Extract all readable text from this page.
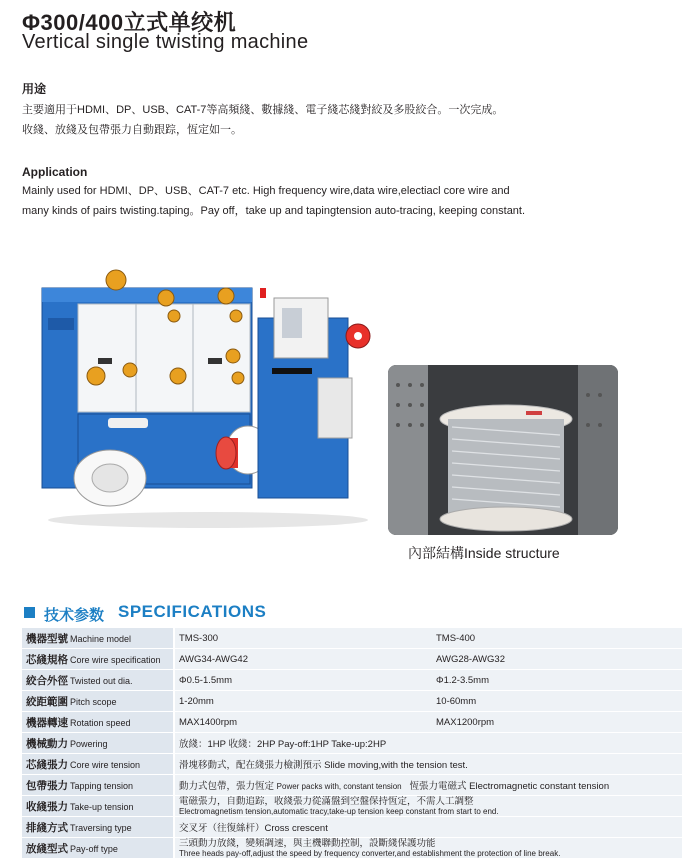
Φ300/400立式单绞机
Vertical single twisting machine
用途
主要適用于HDMI、DP、USB、CAT-7等高頻綫、數據綫、電子綫芯綫對絞及多股絞合。一次完成。
收綫、放綫及包帶張力自動跟踪，恆定如一。
Application
Mainly used for HDMI、DP、USB、CAT-7 etc. High frequency wire,data wire,electiacl core wire and
many kinds of pairs twisting.taping。Pay off，take up and tapingtension auto-tracing, keeping constant.
內部結構Inside structure
技术参数 SPECIFICATIONS
機器型號 Machine model	TMS-300	TMS-400
芯綫規格 Core wire specification	AWG34-AWG42	AWG28-AWG32
絞合外徑 Twisted out dia.	Φ0.5-1.5mm	Φ1.2-3.5mm
絞距範圍 Pitch scope	1-20mm	10-60mm
機器轉速 Rotation speed	MAX1400rpm	MAX1200rpm
機械動力 Powering	放綫：1HP 收綫：2HP Pay-off:1HP Take-up:2HP	
芯綫張力 Core wire tension	滑塊移動式，配在綫張力檢測預示 Slide moving,with the tension test.	
包帶張力 Tapping tension	動力式包帶，張力恆定 Power packs with, constant tension 恆張力電磁式 Electromagnetic constant tension	
收綫張力 Take-up tension	電磁張力，自動追踪，收綫張力從滿盤到空盤保持恆定，不需人工調整
Electromagnetism tension,automatic tracy,take-up tension keep constant from start to end.	

排綫方式 Traversing type	交叉牙（往復絲杆）Cross crescent	
放綫型式 Pay-off type	三頭動力放綫，變頻調速，與主機聯動控制，設斷綫保護功能
Three heads pay-off,adjust the speed by frequency converter,and establishment the protection of line break.	
